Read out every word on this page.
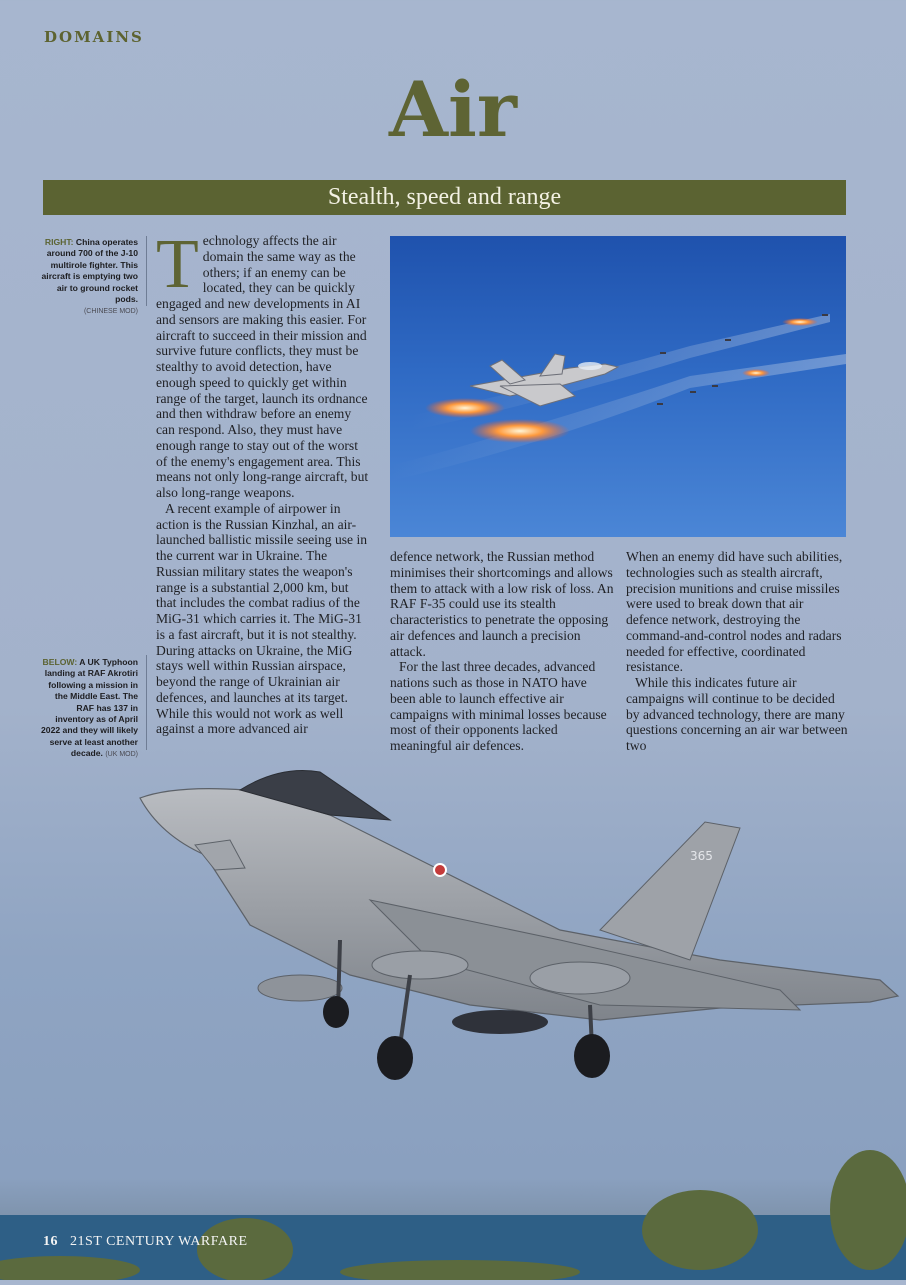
DOMAINS
Air
Stealth, speed and range
RIGHT: China operates around 700 of the J-10 multirole fighter. This aircraft is emptying two air to ground rocket pods.
(CHINESE MOD)
BELOW: A UK Typhoon landing at RAF Akrotiri following a mission in the Middle East. The RAF has 137 in inventory as of April 2022 and they will likely serve at least another decade. (UK MOD)

T echnology affects the air domain the same way as the others; if an enemy can be located, they can be quickly engaged and new developments in AI and sensors are making this easier. For aircraft to succeed in their mission and survive future conflicts, they must be stealthy to avoid detection, have enough speed to quickly get within range of the target, launch its ordnance and then withdraw before an enemy can respond. Also, they must have enough range to stay out of the worst of the enemy's engagement area. This means not only long-range aircraft, but also long-range weapons.

A recent example of airpower in action is the Russian Kinzhal, an air-launched ballistic missile seeing use in the current war in Ukraine. The Russian military states the weapon's range is a substantial 2,000 km, but that includes the combat radius of the MiG-31 which carries it. The MiG-31 is a fast aircraft, but it is not stealthy. During attacks on Ukraine, the MiG stays well within Russian airspace, beyond the range of Ukrainian air defences, and launches at its target. While this would not work as well against a more advanced air

defence network, the Russian method minimises their shortcomings and allows them to attack with a low risk of loss. An RAF F-35 could use its stealth characteristics to penetrate the opposing air defences and launch a precision attack.

For the last three decades, advanced nations such as those in NATO have been able to launch effective air campaigns with minimal losses because most of their opponents lacked meaningful air defences.

When an enemy did have such abilities, technologies such as stealth aircraft, precision munitions and cruise missiles were used to break down that air defence network, destroying the command-and-control nodes and radars needed for effective, coordinated resistance.

While this indicates future air campaigns will continue to be decided by advanced technology, there are many questions concerning an air war between two

365
16 21ST CENTURY WARFARE
